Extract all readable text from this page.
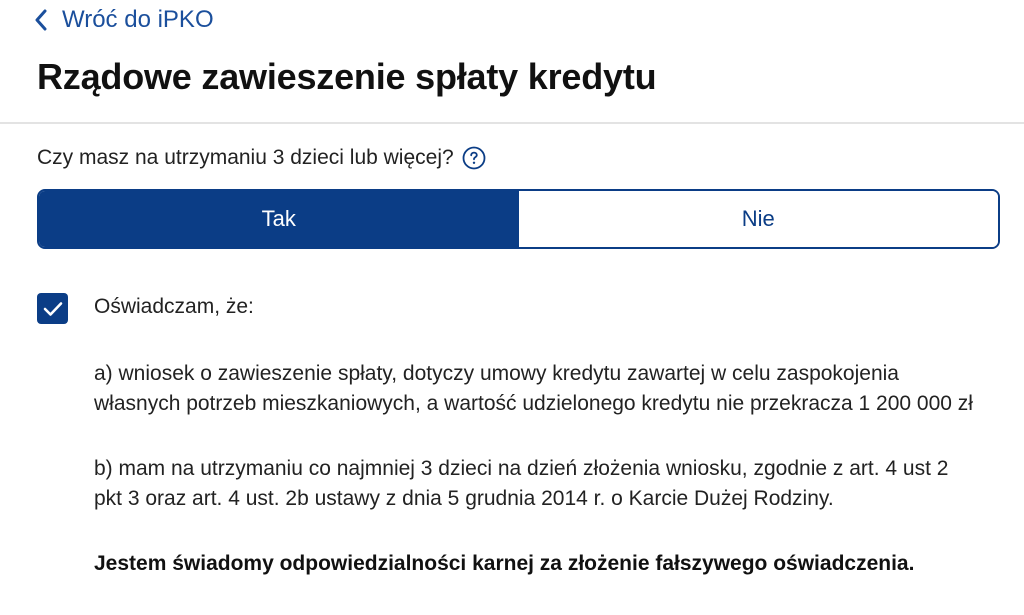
Wróć do iPKO
Rządowe zawieszenie spłaty kredytu
Czy masz na utrzymaniu 3 dzieci lub więcej?
Tak	Nie
Oświadczam, że:

a) wniosek o zawieszenie spłaty, dotyczy umowy kredytu zawartej w celu zaspokojenia
własnych potrzeb mieszkaniowych, a wartość udzielonego kredytu nie przekracza 1 200 000 zł

b) mam na utrzymaniu co najmniej 3 dzieci na dzień złożenia wniosku, zgodnie z art. 4 ust 2
pkt 3 oraz art. 4 ust. 2b ustawy z dnia 5 grudnia 2014 r. o Karcie Dużej Rodziny.

Jestem świadomy odpowiedzialności karnej za złożenie fałszywego oświadczenia.
